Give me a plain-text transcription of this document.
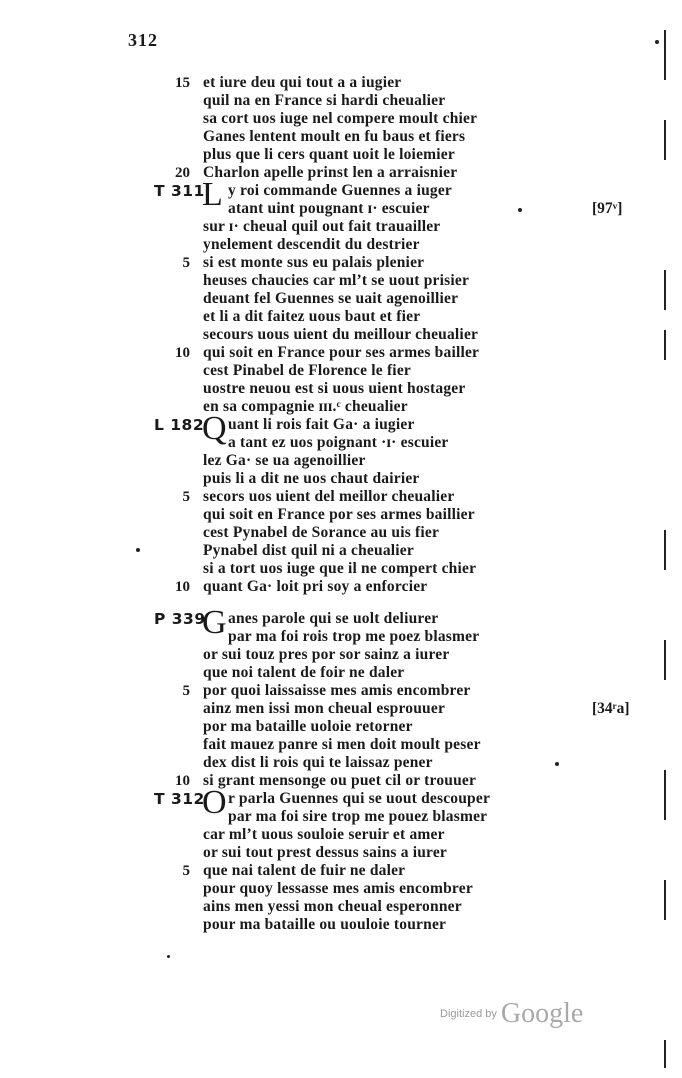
312
et iure deu qui tout a a iugier
15
quil na en France si hardi cheualier
sa cort uos iuge nel compere moult chier
Ganes lentent moult en fu baus et fiers
plus que li cers quant uoit le loiemier
Charlon apelle prinst len a arraisnier
20
y roi commande Guennes a iuger
T 311
L atant uint pougnant ɪ· escuier	[97ᵛ]
sur ɪ· cheual quil out fait trauailler
ynelement descendit du destrier
si est monte sus eu palais plenier
5
heuses chaucies car ml’t se uout prisier
deuant fel Guennes se uait agenoillier
et li a dit faitez uous baut et fier
secours uous uient du meillour cheualier
qui soit en France pour ses armes bailler
10
cest Pinabel de Florence le fier
uostre neuou est si uous uient hostager
en sa compagnie ɪɪɪ.ᶜ cheualier
uant li rois fait Ga· a iugier
L 182
Q a tant ez uos poignant ·ɪ· escuier
lez Ga· se ua agenoillier
puis li a dit ne uos chaut dairier
secors uos uient del meillor cheualier
5
qui soit en France por ses armes baillier
cest Pynabel de Sorance au uis fier
Pynabel dist quil ni a cheualier
si a tort uos iuge que il ne compert chier
quant Ga· loit pri soy a enforcier
10
anes parole qui se uolt deliurer
P 339
G par ma foi rois trop me poez blasmer
or sui touz pres por sor sainz a iurer
que noi talent de foir ne daler
por quoi laissaisse mes amis encombrer
5
ainz men issi mon cheual esprouuer	[34ʳa]
por ma bataille uoloie retorner
fait mauez panre si men doit moult peser
dex dist li rois qui te laissaz pener
si grant mensonge ou puet cil or trouuer
10
r parla Guennes qui se uout descouper
T 312
O par ma foi sire trop me pouez blasmer
car ml’t uous souloie seruir et amer
or sui tout prest dessus sains a iurer
que nai talent de fuir ne daler
5
pour quoy lessasse mes amis encombrer
ains men yessi mon cheual esperonner
pour ma bataille ou uouloie tourner
Digitized by Google
